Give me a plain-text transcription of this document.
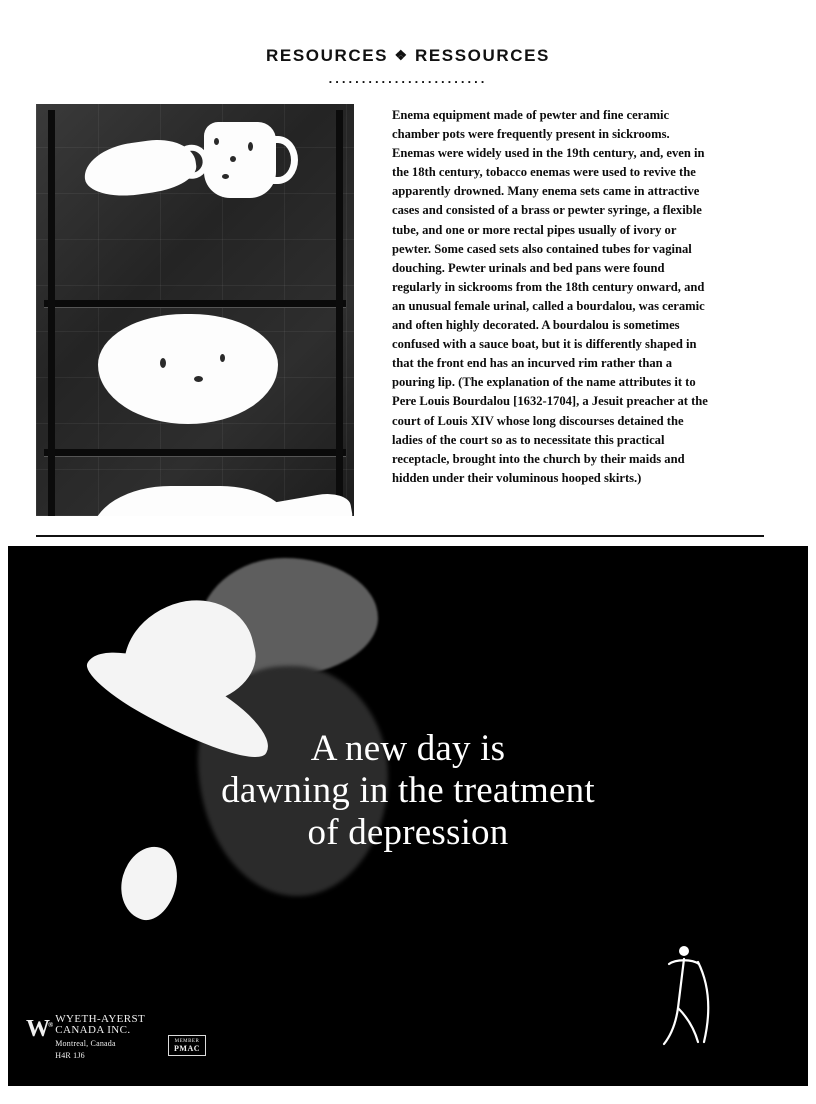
RESOURCES ❖ RESSOURCES
........................

Enema equipment made of pewter and fine ceramic chamber pots were frequently present in sickrooms. Enemas were widely used in the 19th century, and, even in the 18th century, tobacco enemas were used to revive the apparently drowned. Many enema sets came in attractive cases and consisted of a brass or pewter syringe, a flexible tube, and one or more rectal pipes usually of ivory or pewter. Some cased sets also contained tubes for vaginal douching. Pewter urinals and bed pans were found regularly in sickrooms from the 18th century onward, and an unusual female urinal, called a bourdalou, was ceramic and often highly decorated. A bourdalou is sometimes confused with a sauce boat, but it is differently shaped in that the front end has an incurved rim rather than a pouring lip. (The explanation of the name attributes it to Pere Louis Bourdalou [1632-1704], a Jesuit preacher at the court of Louis XIV whose long discourses detained the ladies of the court so as to necessitate this practical receptacle, brought into the church by their maids and hidden under their voluminous hooped skirts.)

A new day is
dawning in the treatment
of depression
W® WYETH-AYERST
CANADA INC.
Montreal, Canada
H4R 1J6
MEMBER
PMAC
